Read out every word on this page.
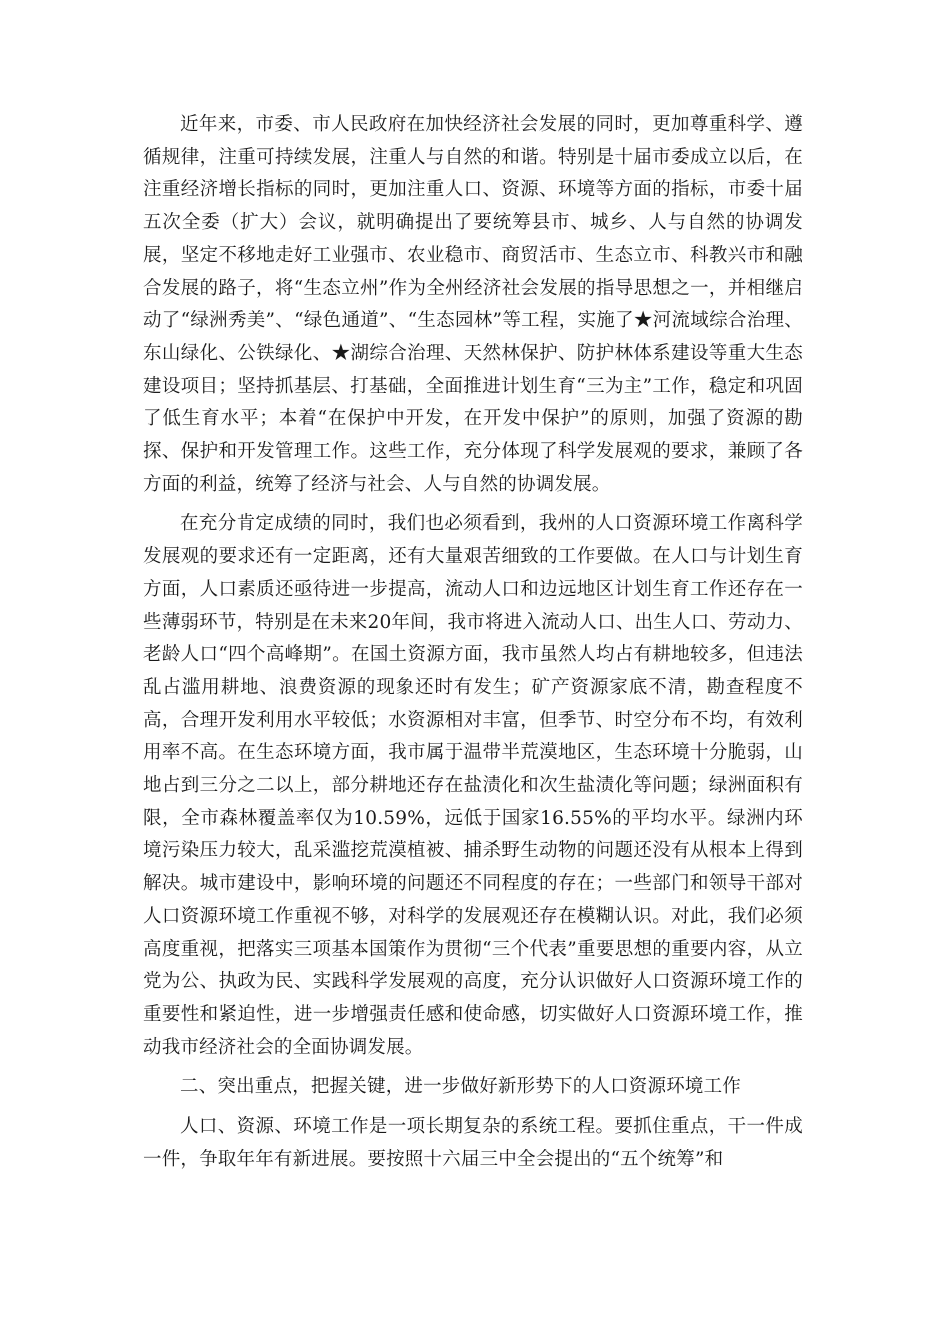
近年来，市委、市人民政府在加快经济社会发展的同时，更加尊重科学、遵循规律，注重可持续发展，注重人与自然的和谐。特别是十届市委成立以后，在注重经济增长指标的同时，更加注重人口、资源、环境等方面的指标，市委十届五次全委（扩大）会议，就明确提出了要统筹县市、城乡、人与自然的协调发展，坚定不移地走好工业强市、农业稳市、商贸活市、生态立市、科教兴市和融合发展的路子，将“生态立州”作为全州经济社会发展的指导思想之一，并相继启动了“绿洲秀美”、“绿色通道”、“生态园林”等工程，实施了★河流域综合治理、东山绿化、公铁绿化、★湖综合治理、天然林保护、防护林体系建设等重大生态建设项目；坚持抓基层、打基础，全面推进计划生育“三为主”工作，稳定和巩固了低生育水平；本着“在保护中开发，在开发中保护”的原则，加强了资源的勘探、保护和开发管理工作。这些工作，充分体现了科学发展观的要求，兼顾了各方面的利益，统筹了经济与社会、人与自然的协调发展。

在充分肯定成绩的同时，我们也必须看到，我州的人口资源环境工作离科学发展观的要求还有一定距离，还有大量艰苦细致的工作要做。在人口与计划生育方面，人口素质还亟待进一步提高，流动人口和边远地区计划生育工作还存在一些薄弱环节，特别是在未来20年间，我市将进入流动人口、出生人口、劳动力、老龄人口“四个高峰期”。在国土资源方面，我市虽然人均占有耕地较多，但违法乱占滥用耕地、浪费资源的现象还时有发生；矿产资源家底不清，勘查程度不高，合理开发利用水平较低；水资源相对丰富，但季节、时空分布不均，有效利用率不高。在生态环境方面，我市属于温带半荒漠地区，生态环境十分脆弱，山地占到三分之二以上，部分耕地还存在盐渍化和次生盐渍化等问题；绿洲面积有限，全市森林覆盖率仅为10.59%，远低于国家16.55%的平均水平。绿洲内环境污染压力较大，乱采滥挖荒漠植被、捕杀野生动物的问题还没有从根本上得到解决。城市建设中，影响环境的问题还不同程度的存在；一些部门和领导干部对人口资源环境工作重视不够，对科学的发展观还存在模糊认识。对此，我们必须高度重视，把落实三项基本国策作为贯彻“三个代表”重要思想的重要内容，从立党为公、执政为民、实践科学发展观的高度，充分认识做好人口资源环境工作的重要性和紧迫性，进一步增强责任感和使命感，切实做好人口资源环境工作，推动我市经济社会的全面协调发展。

二、突出重点，把握关键，进一步做好新形势下的人口资源环境工作

人口、资源、环境工作是一项长期复杂的系统工程。要抓住重点，干一件成一件，争取年年有新进展。要按照十六届三中全会提出的“五个统筹”和
